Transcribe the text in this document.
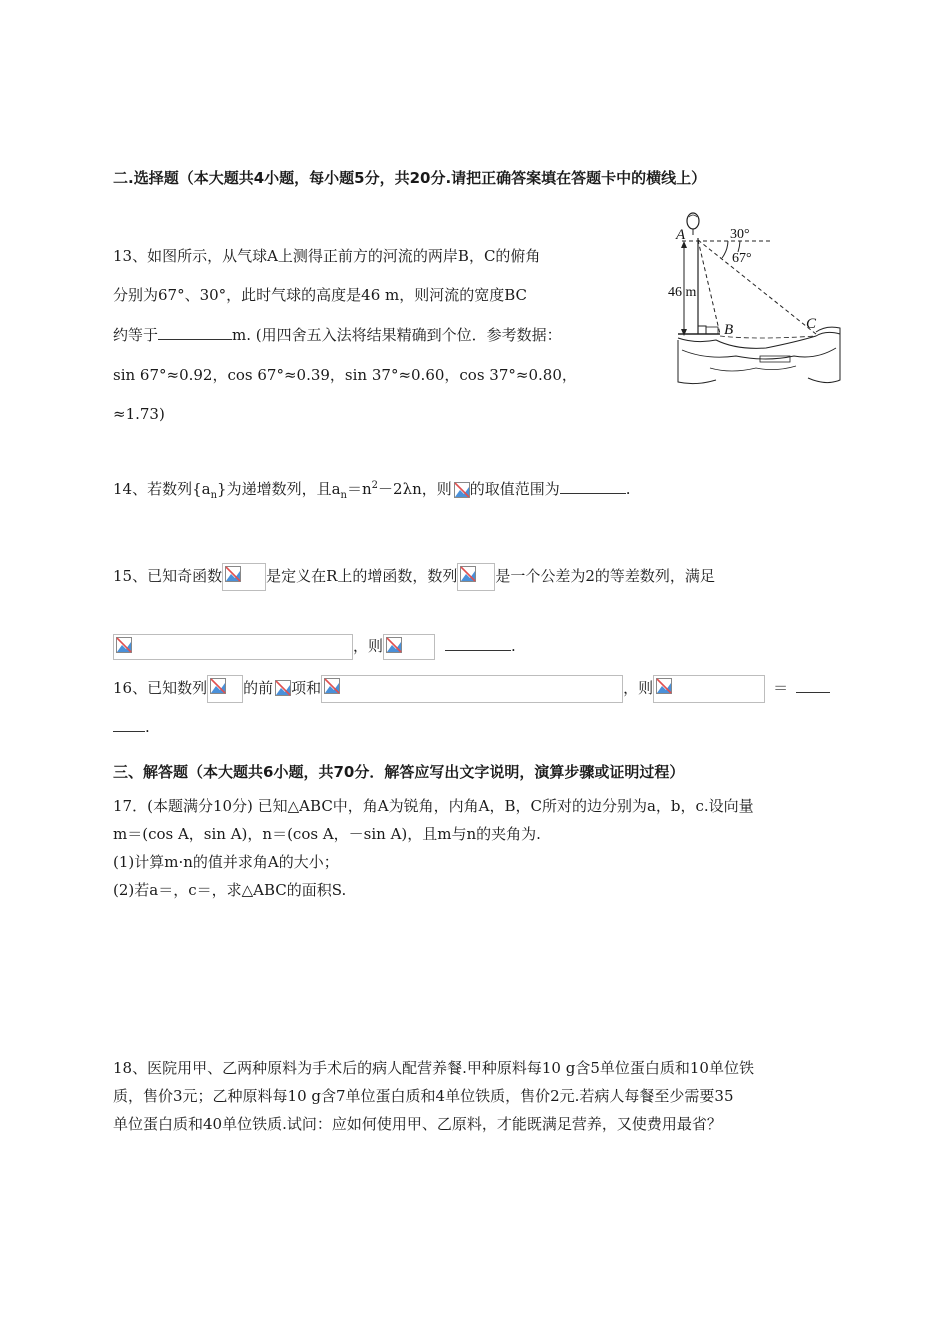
二.选择题（本大题共4小题，每小题5分，共20分.请把正确答案填在答题卡中的横线上）
13、如图所示，从气球A上测得正前方的河流的两岸B，C的俯角
分别为67°、30°，此时气球的高度是46 m，则河流的宽度BC
约等于	m. (用四舍五入法将结果精确到个位．参考数据：
sin 67°≈0.92，cos 67°≈0.39，sin 37°≈0.60，cos 37°≈0.80，
≈1.73)
A	30°
67°
46 m
B	C
14、若数列$\{a_n\}$为递增数列，且$a_n=n^2-2\lambda n$，则 的取值范围为	.
15、已知奇函数	是定义在R上的增函数，数列	是一个公差为2的等差数列，满足
，则	.
16、已知数列 的前 项和	，则	＝
.
三、解答题（本大题共6小题，共70分．解答应写出文字说明，演算步骤或证明过程）
17．(本题满分10分) 已知△ABC中，角A为锐角，内角A，B，C所对的边分别为a，b，c.设向量
m＝(cos A，sin A)，n＝(cos A，－sin A)，且m与n的夹角为.
(1)计算m·n的值并求角A的大小；
(2)若a＝，c＝，求△ABC的面积S.
18、医院用甲、乙两种原料为手术后的病人配营养餐.甲种原料每10 g含5单位蛋白质和10单位铁
质，售价3元；乙种原料每10 g含7单位蛋白质和4单位铁质，售价2元.若病人每餐至少需要35
单位蛋白质和40单位铁质.试问：应如何使用甲、乙原料，才能既满足营养，又使费用最省？
